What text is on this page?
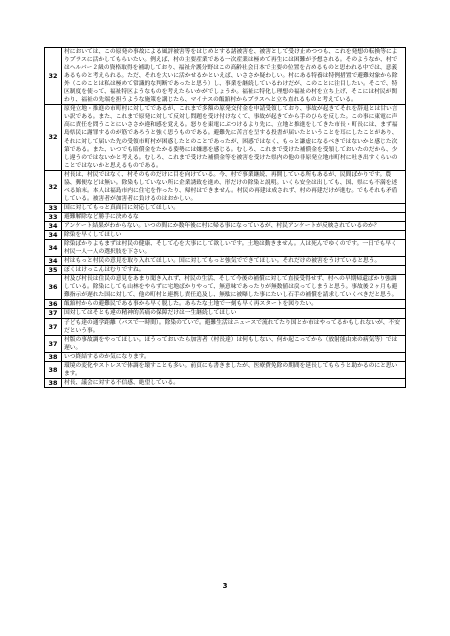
32	村においては、この原発の事故による風評被害等をはじめとする諸被害を、被害として受け止めつつも、これを発想の転換等によりプラスに活かしてもらいたい。例えば、村の主要産業である一次産業は極めて再生には困難が予想される。そのようなか、村ではヘルパー２級の資格取得を補助しており、福祉介護分野はこの高齢社会日本で主要の位置を占めるものと思われる中では、意義あるものと考えられる。ただ、それを大いに活かせるかといえば、いささか疑わしい。村にある特養は特例措置で避難対象から除外（このことは私は極めて常識的な判断であったと思う）し、事業を継続しているわけだが、このことに注目したい。そこで、特区制度を使って、福祉特区ようなものを考えたらいかがでしょうか。福祉に特化し理想の福祉の村を立ち上げ、そこには村民が関わり、福祉の先端を担うような施策を講じたら、マイナスの飯舘村からプラスへと立ち直れるものと考えている。
32	原発立地・推進の市町村に対してであるが、これまで多額の原発交付金を申請受領しており、事故が起きてそれを辞退とは甘い言い訳である。また、これまで原発に対して反対し問題を受け付けなくて、事故が起きてから手のひらを反した。この事に東電に声高に責任を問うことにいささか違和感を覚える。怒りを東電にぶつけるより先に、立地と推進をしてきた市長・町長には、まず福島県民に謝罪するのが筋であろうと強く思うものである。避難先に苦言を呈する投書が届いたということを耳にしたことがあり、それに対して届いた先の受領市町村が困惑したとのことであったが、困惑ではなく、もっと謙虚になるべきではないかと感じた次第である。また、いつでも賠償金をたかる姿勢には嫌悪を感じる。むしろ、これまで受けた補償金を受領しておいたのだから、少し違うのではないかと考える。むしろ、これまで受けた補償金等を被害を受けた県内の他の非原発立地市町村に吐き出すくらいのことではないかと思えるものである。
32	村長は、村民ではなく、村そのものだけに目を向けている。今、村で事業継続、再開している所もあるが、民間ばかりです。農協、郵便などは無い。除染もしていない所に企業誘致を進め、形だけの除染と説明。いくら安全は出しても、国、県にも不満を述べる始末。本人は福島市内に住宅を作ったり、帰村はできません。村民の再建は成されず、村の再建だけが進む。でもそれも矛盾している。被害者が加害者に負けるのはおかしい。
33	国に対してもっと真面目に対応してほしい。
33	避難解除など勝手に決めるな
34	アンケート結果がわからない。いつの間にか数年後に村に帰る事になっているが、村民アンケートが反映されているのか？
34	除染を早くしてほしい
34	除染ばかりよもまずは村民の健康、そして心を大事にして欲しいです。土地は動きません。人は死んでゆくのです。一日でも早く村民一人一人の選択肢を下さい。
34	村はもっと村民の意見を取り入れてほしい。国に対してもっと強気でできてほしい。それだけの被害をうけていると思う。
35	ぼくはけっこんはむりですね。
36	村及び村長は住民の意見をあまり聞き入れず、村民の生活、そして今後の補償に対して直接受得せず、村への早期帰還ばかり強調している。除染にしても山林をやらずに宅地ばかりやって、無意味であったりが無数値は戻ってしまうと思う。事故後２ヶ月も避難指示が遅れた国に対して、他の町村と連携し責任追及し、無駄に被曝した事にたいし石手の補償を請求していくべきだと思う。
36	飯舘村からの避難民である事から早く脱した。あらたな土地で一刻も早く再スタートを図りたい。
37	国対してはそとも違の精神的苦痛の保障だけは一生継続してほしい
37	子ども達の通学距離（バスで一時間）。除染のていで。避難生活はニュースで流れてたり国とか市はやってるかもしれないが、不安だという事。
37	村版の事故調をやってほしい。ほうっておいたら加害者（村長達）は何もしない、何か起こってから（放射能由来の病気等）では遅い。
38	いつ終結するのか気になります。
38	環境の変化やストレスで体調を壊すことも多い。前頁にも書きましたが、医療費免除の期間を延長してもらうと助かるのにと思います。
38	村長、議会に対する不信感、絶望している。
3
